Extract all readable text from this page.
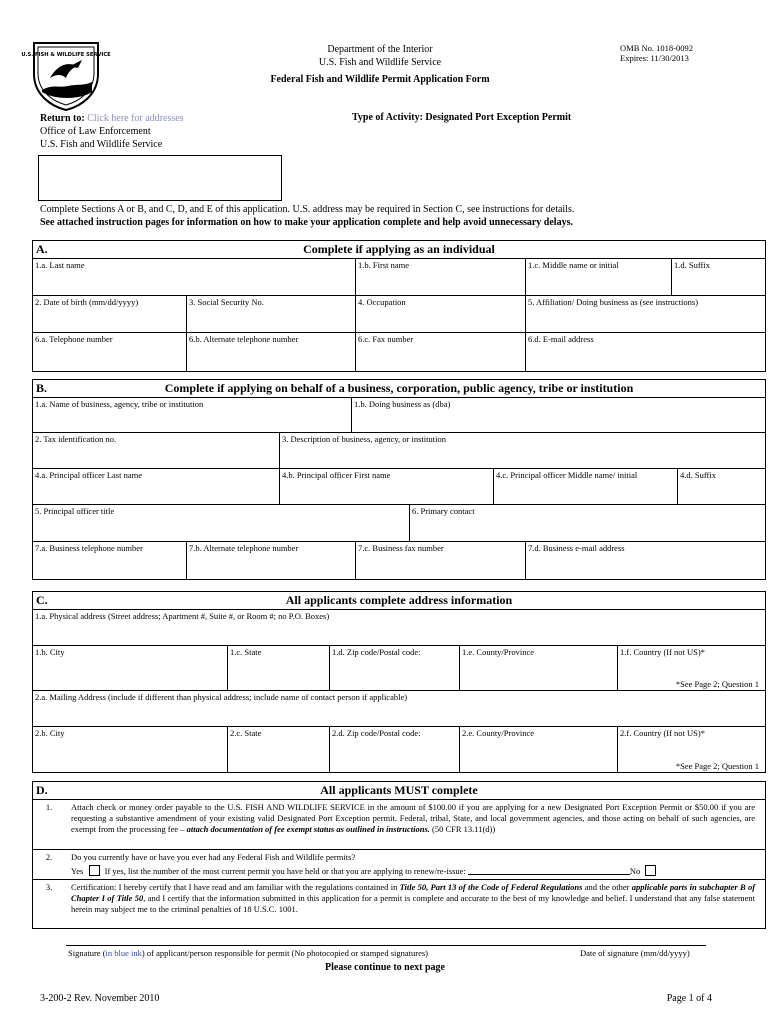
U.S. FISH & WILDLIFE SERVICE	Department of the Interior
U.S. Fish and Wildlife Service
Federal Fish and Wildlife Permit Application Form
OMB No. 1018-0092
Expires: 11/30/2013
Return to: Click here for addresses
Office of Law Enforcement
U.S. Fish and Wildlife Service
Type of Activity: Designated Port Exception Permit
Complete Sections A or B, and C, D, and E of this application. U.S. address may be required in Section C, see instructions for details.
See attached instruction pages for information on how to make your application complete and help avoid unnecessary delays.
A.	Complete if applying as an individual
1.a. Last name	1.b. First name	1.c. Middle name or initial	1.d. Suffix
2. Date of birth (mm/dd/yyyy)	3. Social Security No.	4. Occupation	5. Affiliation/ Doing business as (see instructions)
6.a. Telephone number	6.b. Alternate telephone number	6.c. Fax number	6.d. E-mail address
B.	Complete if applying on behalf of a business, corporation, public agency, tribe or institution
1.a. Name of business, agency, tribe or institution	1.b. Doing business as (dba)
2. Tax identification no.	3. Description of business, agency, or institution
4.a. Principal officer Last name	4.b. Principal officer First name	4.c. Principal officer Middle name/ initial	4.d. Suffix
5. Principal officer title	6. Primary contact
7.a. Business telephone number	7.b. Alternate telephone number	7.c. Business fax number	7.d. Business e-mail address
C.	All applicants complete address information
1.a. Physical address (Street address; Apartment #, Suite #, or Room #; no P.O. Boxes)
1.b. City	1.c. State	1.d. Zip code/Postal code:	1.e. County/Province	1.f. Country (If not US)*
*See Page 2; Question 1
2.a. Mailing Address (include if different than physical address; include name of contact person if applicable)
2.b. City	2.c. State	2.d. Zip code/Postal code:	2.e. County/Province	2.f. Country (If not US)*
*See Page 2; Question 1
D.	All applicants MUST complete
1.	Attach check or money order payable to the U.S. FISH AND WILDLIFE SERVICE in the amount of $100.00 if you are applying for a new Designated Port Exception Permit or $50.00 if you are requesting a substantive amendment of your existing valid Designated Port Exception permit. Federal, tribal, State, and local government agencies, and those acting on behalf of such agencies, are exempt from the processing fee – attach documentation of fee exempt status as outlined in instructions. (50 CFR 13.11(d))
2.	Do you currently have or have you ever had any Federal Fish and Wildlife permits?
Yes	If yes, list the number of the most current permit you have held or that you are applying to renew/re-issue:	No
3.	Certification: I hereby certify that I have read and am familiar with the regulations contained in Title 50, Part 13 of the Code of Federal Regulations and the other applicable parts in subchapter B of Chapter I of Title 50, and I certify that the information submitted in this application for a permit is complete and accurate to the best of my knowledge and belief. I understand that any false statement herein may subject me to the criminal penalties of 18 U.S.C. 1001.
Signature (in blue ink) of applicant/person responsible for permit (No photocopied or stamped signatures)	Date of signature (mm/dd/yyyy)
Please continue to next page
3-200-2 Rev. November 2010	Page 1 of 4
